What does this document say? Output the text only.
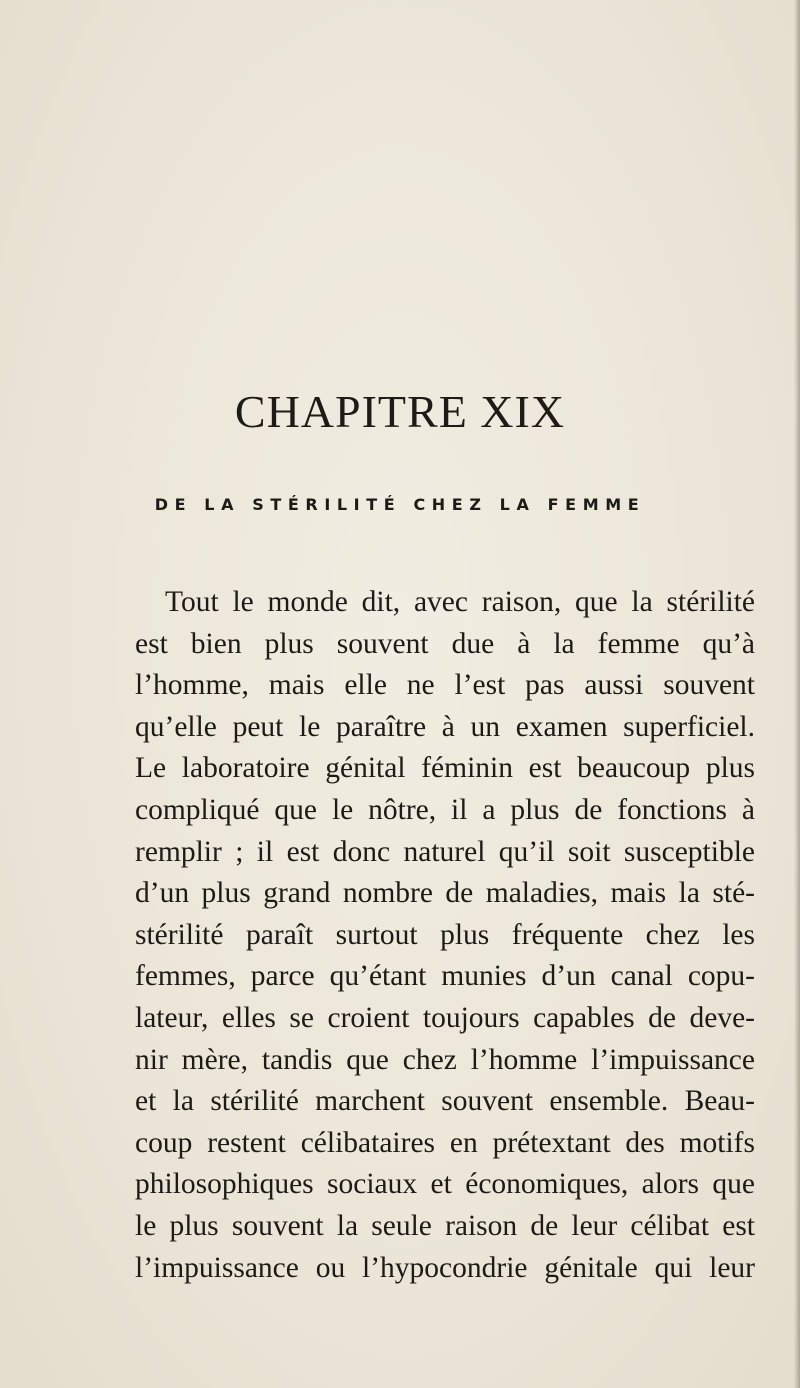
CHAPITRE XIX
DE LA STÉRILITÉ CHEZ LA FEMME
Tout le monde dit, avec raison, que la stérilité
est bien plus souvent due à la femme qu’à
l’homme, mais elle ne l’est pas aussi souvent
qu’elle peut le paraître à un examen superficiel.
Le laboratoire génital féminin est beaucoup plus
compliqué que le nôtre, il a plus de fonctions à
remplir ; il est donc naturel qu’il soit susceptible
d’un plus grand nombre de maladies, mais la sté-
stérilité paraît surtout plus fréquente chez les
femmes, parce qu’étant munies d’un canal copu-
lateur, elles se croient toujours capables de deve-
nir mère, tandis que chez l’homme l’impuissance
et la stérilité marchent souvent ensemble. Beau-
coup restent célibataires en prétextant des motifs
philosophiques sociaux et économiques, alors que
le plus souvent la seule raison de leur célibat est
l’impuissance ou l’hypocondrie génitale qui leur
